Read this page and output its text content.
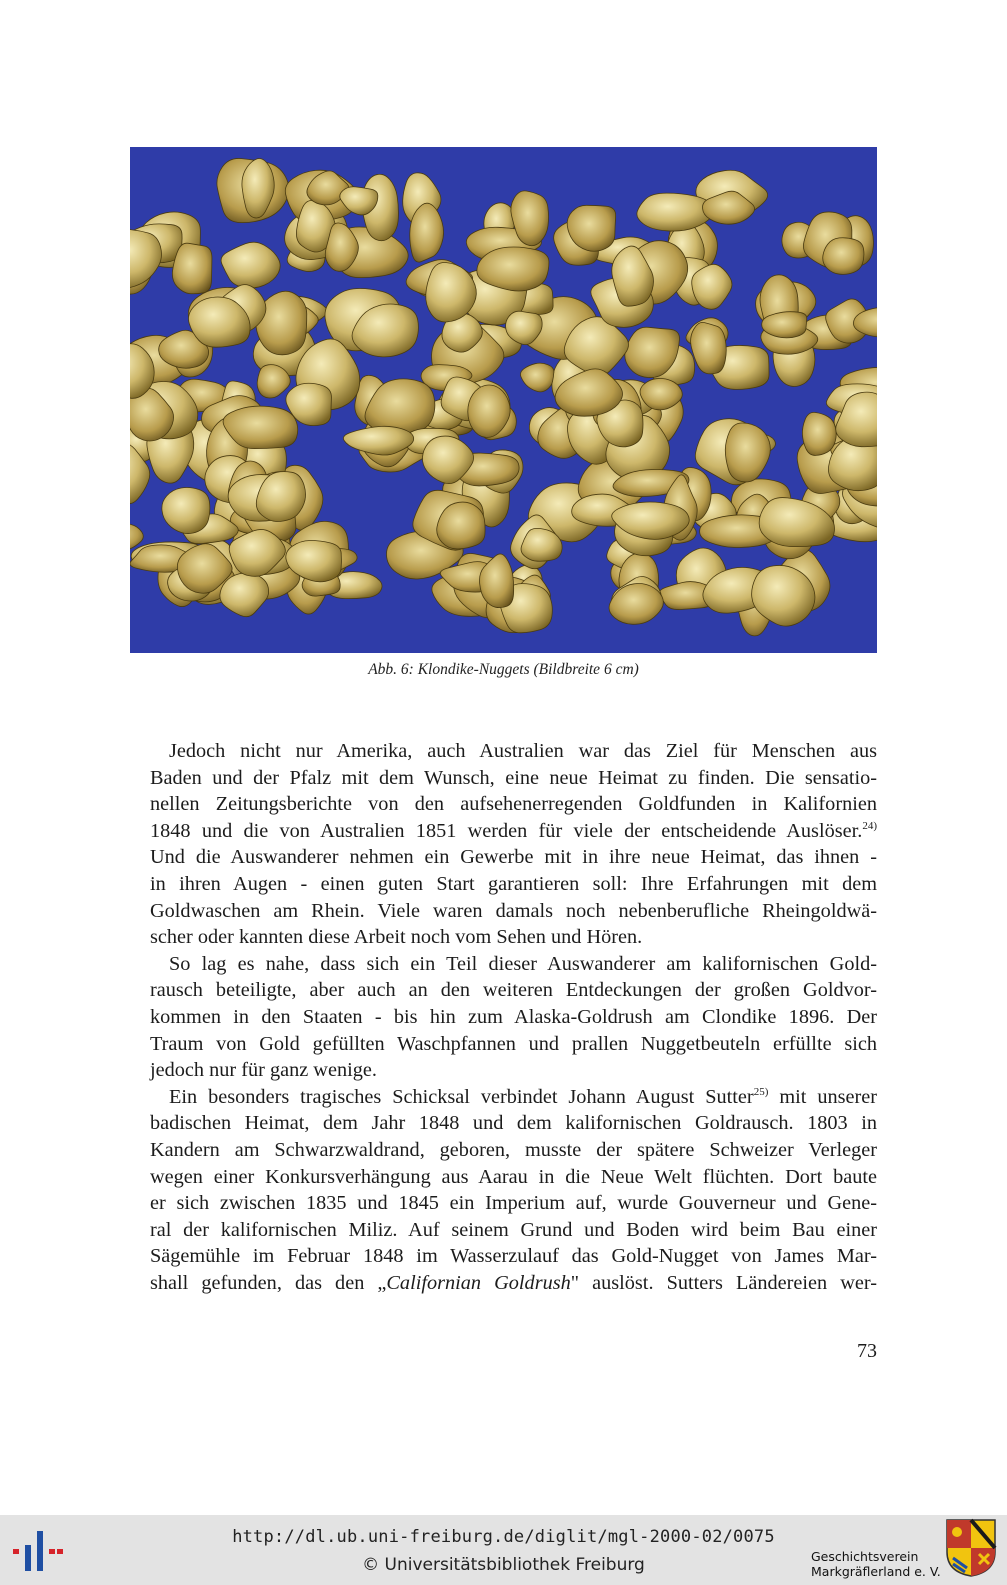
Abb. 6: Klondike-Nuggets (Bildbreite 6 cm)

Jedoch nicht nur Amerika, auch Australien war das Ziel für Menschen aus
Baden und der Pfalz mit dem Wunsch, eine neue Heimat zu finden. Die sensatio-
nellen Zeitungsberichte von den aufsehenerregenden Goldfunden in Kalifornien
1848 und die von Australien 1851 werden für viele der entscheidende Auslöser.$^{24)}$
Und die Auswanderer nehmen ein Gewerbe mit in ihre neue Heimat, das ihnen -
in ihren Augen - einen guten Start garantieren soll: Ihre Erfahrungen mit dem
Goldwaschen am Rhein. Viele waren damals noch nebenberufliche Rheingoldwä-
scher oder kannten diese Arbeit noch vom Sehen und Hören.

So lag es nahe, dass sich ein Teil dieser Auswanderer am kalifornischen Gold-
rausch beteiligte, aber auch an den weiteren Entdeckungen der großen Goldvor-
kommen in den Staaten - bis hin zum Alaska-Goldrush am Clondike 1896. Der
Traum von Gold gefüllten Waschpfannen und prallen Nuggetbeuteln erfüllte sich
jedoch nur für ganz wenige.

Ein besonders tragisches Schicksal verbindet Johann August Sutter$^{25)}$ mit unserer
badischen Heimat, dem Jahr 1848 und dem kalifornischen Goldrausch. 1803 in
Kandern am Schwarzwaldrand, geboren, musste der spätere Schweizer Verleger
wegen einer Konkursverhängung aus Aarau in die Neue Welt flüchten. Dort baute
er sich zwischen 1835 und 1845 ein Imperium auf, wurde Gouverneur und Gene-
ral der kalifornischen Miliz. Auf seinem Grund und Boden wird beim Bau einer
Sägemühle im Februar 1848 im Wasserzulauf das Gold-Nugget von James Mar-
shall gefunden, das den „Californian Goldrush" auslöst. Sutters Ländereien wer-

73
http://dl.ub.uni-freiburg.de/diglit/mgl-2000-02/0075
© Universitätsbibliothek Freiburg	Geschichtsverein
Markgräflerland e. V.
